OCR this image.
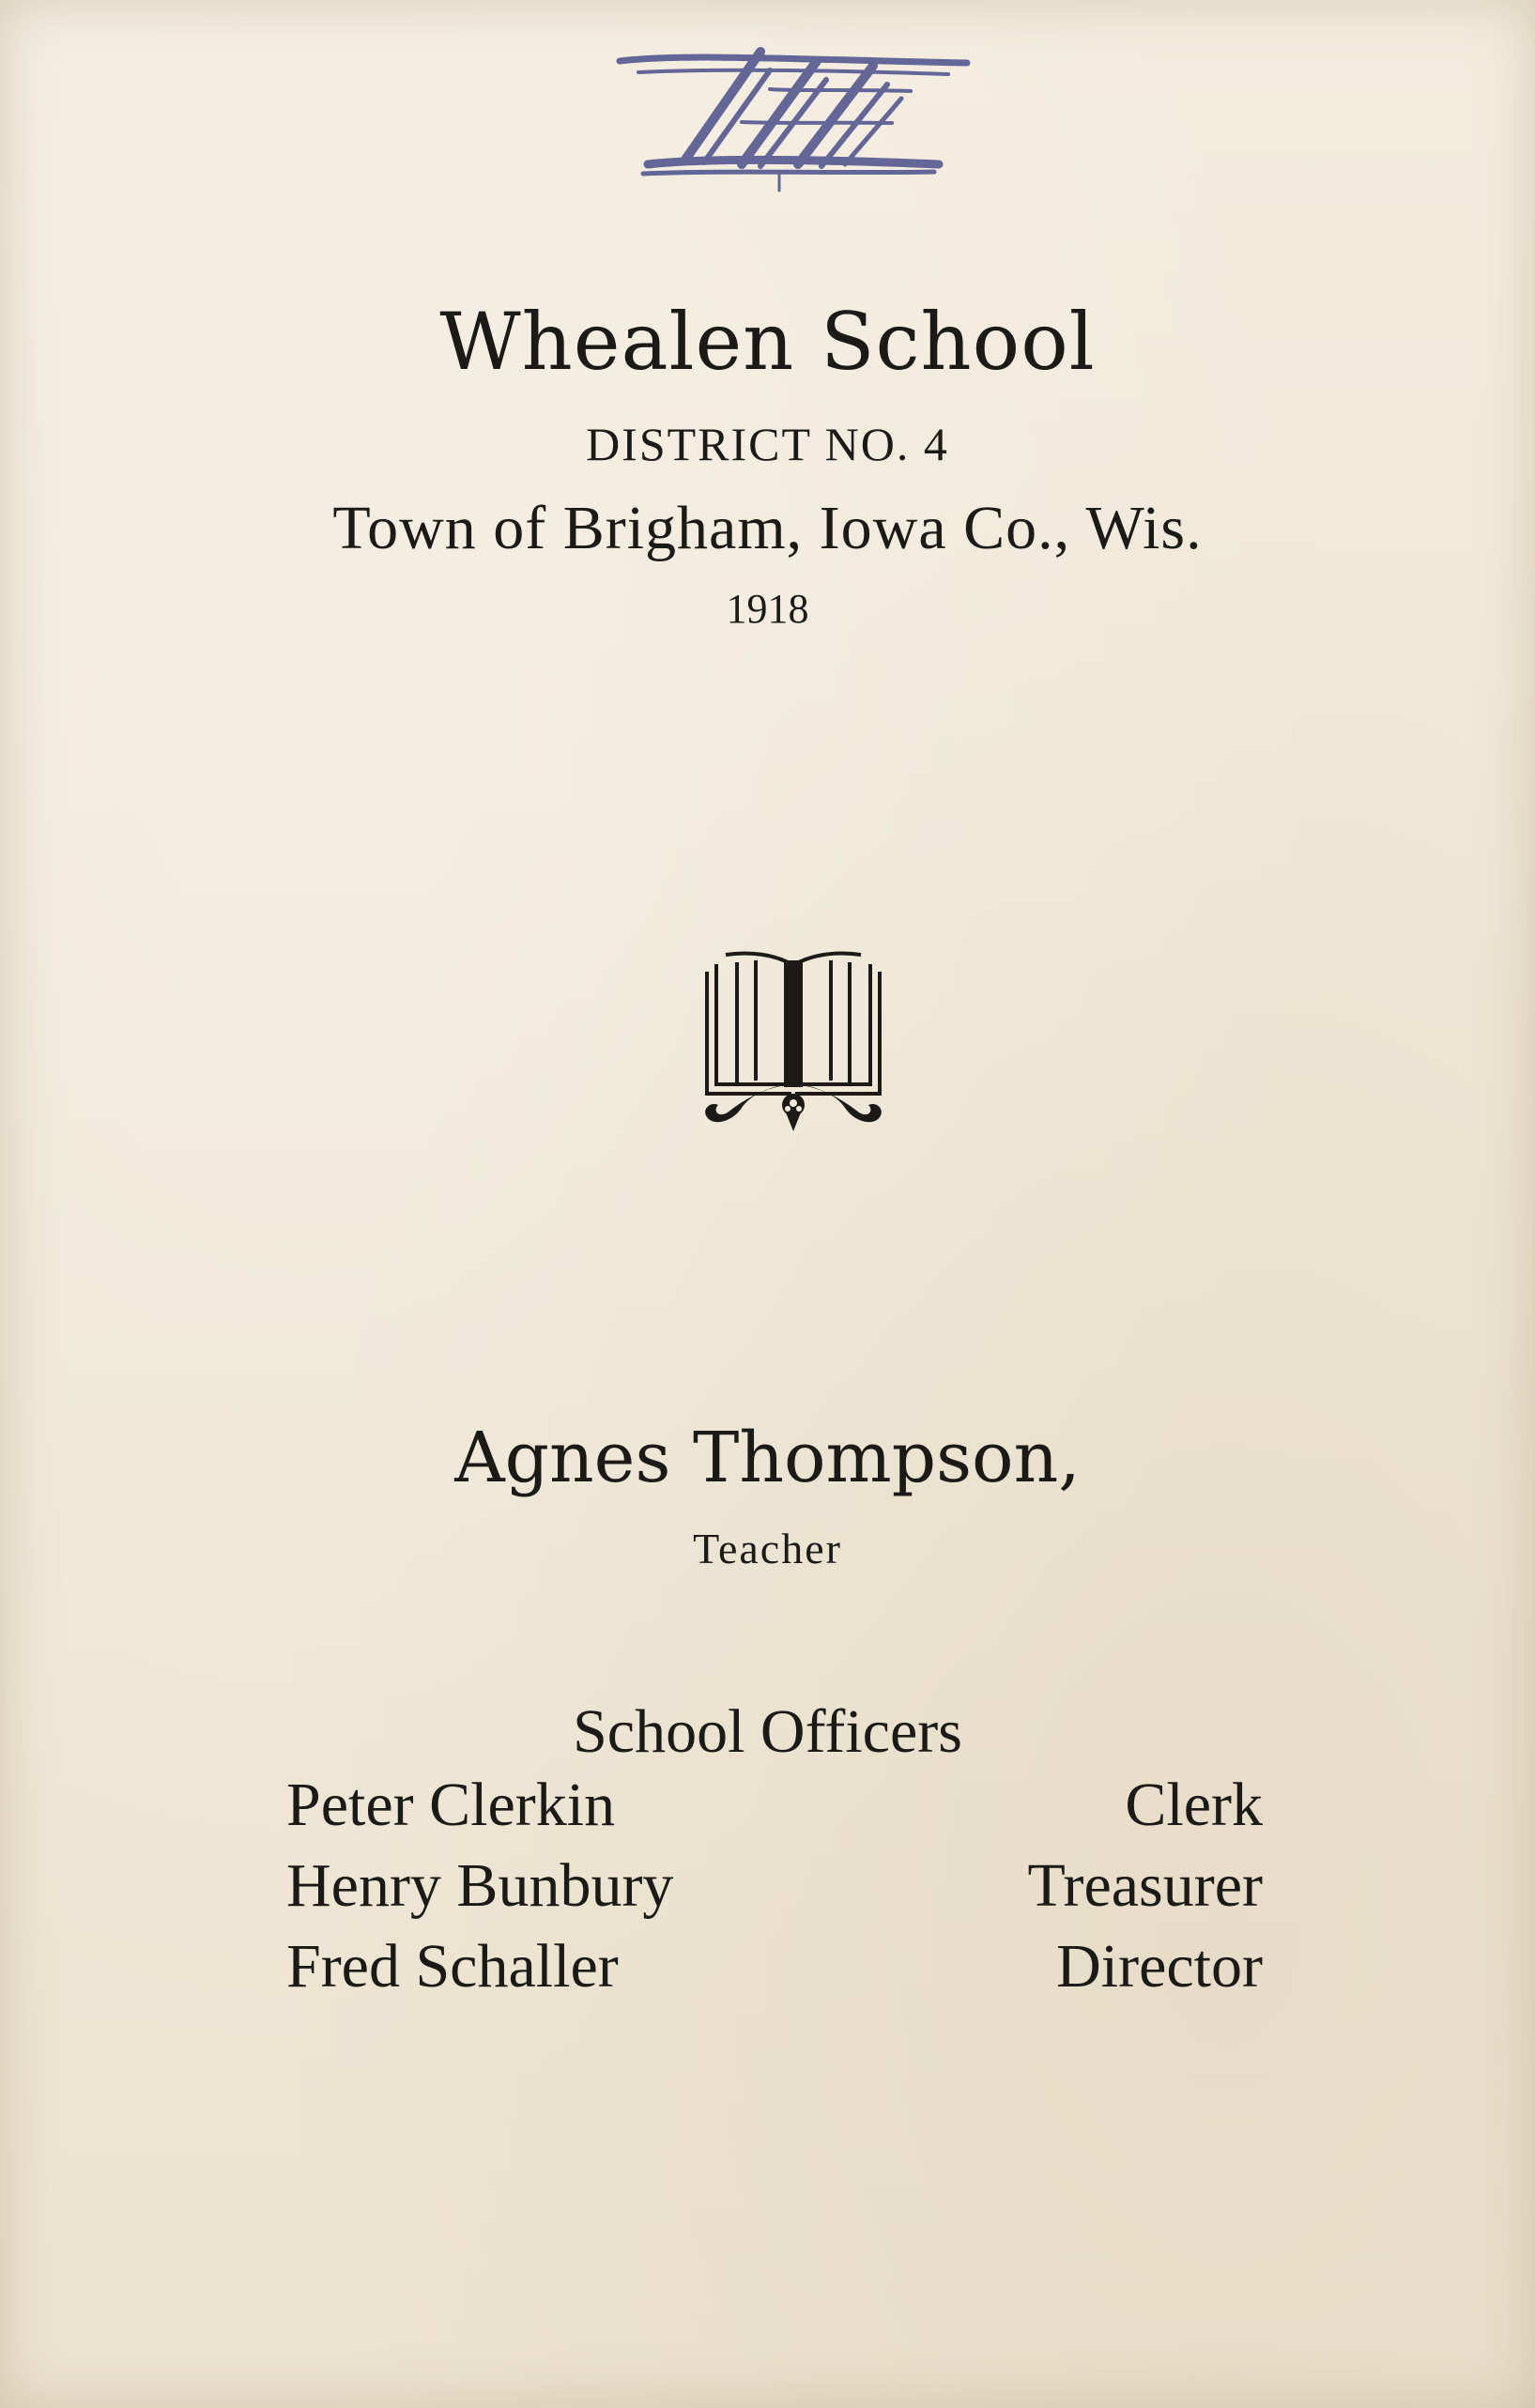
Whealen School
DISTRICT NO. 4
Town of Brigham, Iowa Co., Wis.
1918
Agnes Thompson,
Teacher
School Officers
Peter Clerkin	Clerk
Henry Bunbury	Treasurer
Fred Schaller	Director
